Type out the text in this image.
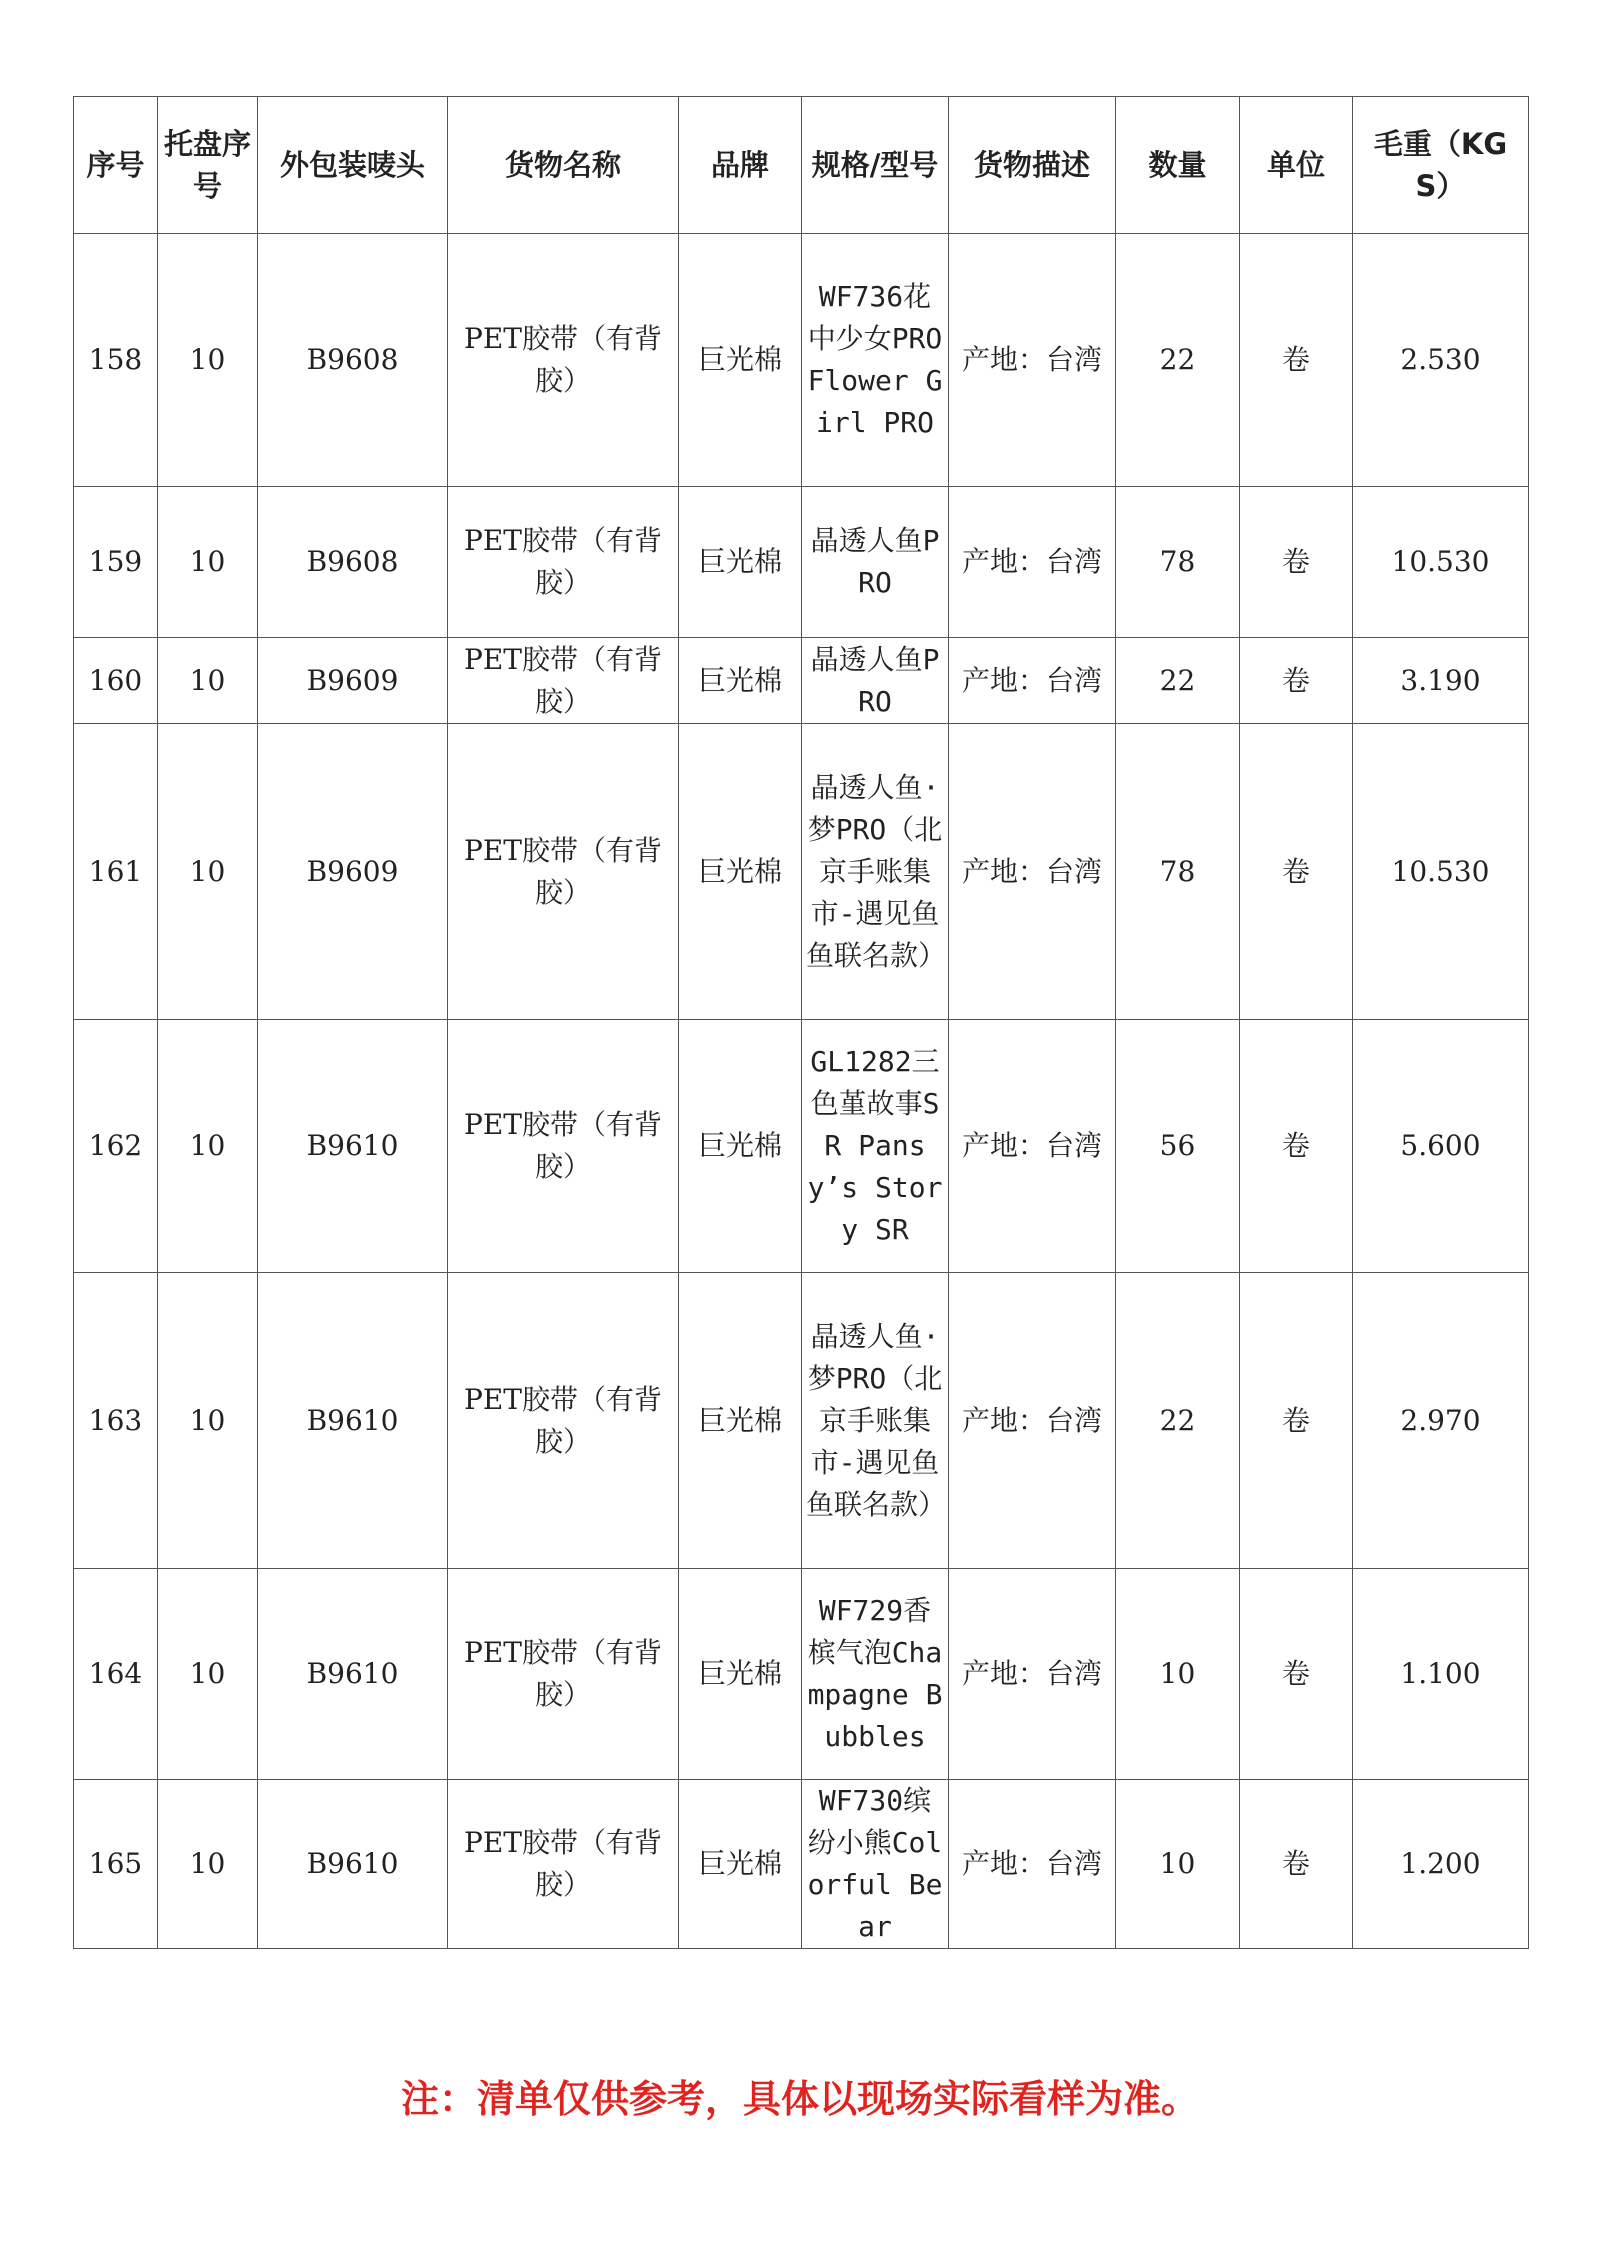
序号	托盘序号	外包装唛头	货物名称	品牌	规格/型号	货物描述	数量	单位	毛重（KGS）
158	10	B9608	PET胶带（有背胶）	巨光棉	WF736花中少女PRO Flower Girl PRO	产地：台湾	22	卷	2.530
159	10	B9608	PET胶带（有背胶）	巨光棉	晶透人鱼PRO	产地：台湾	78	卷	10.530
160	10	B9609	PET胶带（有背胶）	巨光棉	晶透人鱼PRO	产地：台湾	22	卷	3.190
161	10	B9609	PET胶带（有背胶）	巨光棉	晶透人鱼·梦PRO（北京手账集市-遇见鱼鱼联名款）	产地：台湾	78	卷	10.530
162	10	B9610	PET胶带（有背胶）	巨光棉	GL1282三色堇故事SR Pansy’s Story SR	产地：台湾	56	卷	5.600
163	10	B9610	PET胶带（有背胶）	巨光棉	晶透人鱼·梦PRO（北京手账集市-遇见鱼鱼联名款）	产地：台湾	22	卷	2.970
164	10	B9610	PET胶带（有背胶）	巨光棉	WF729香槟气泡Champagne Bubbles	产地：台湾	10	卷	1.100
165	10	B9610	PET胶带（有背胶）	巨光棉	WF730缤纷小熊Colorful Bear	产地：台湾	10	卷	1.200
注：清单仅供参考，具体以现场实际看样为准。
